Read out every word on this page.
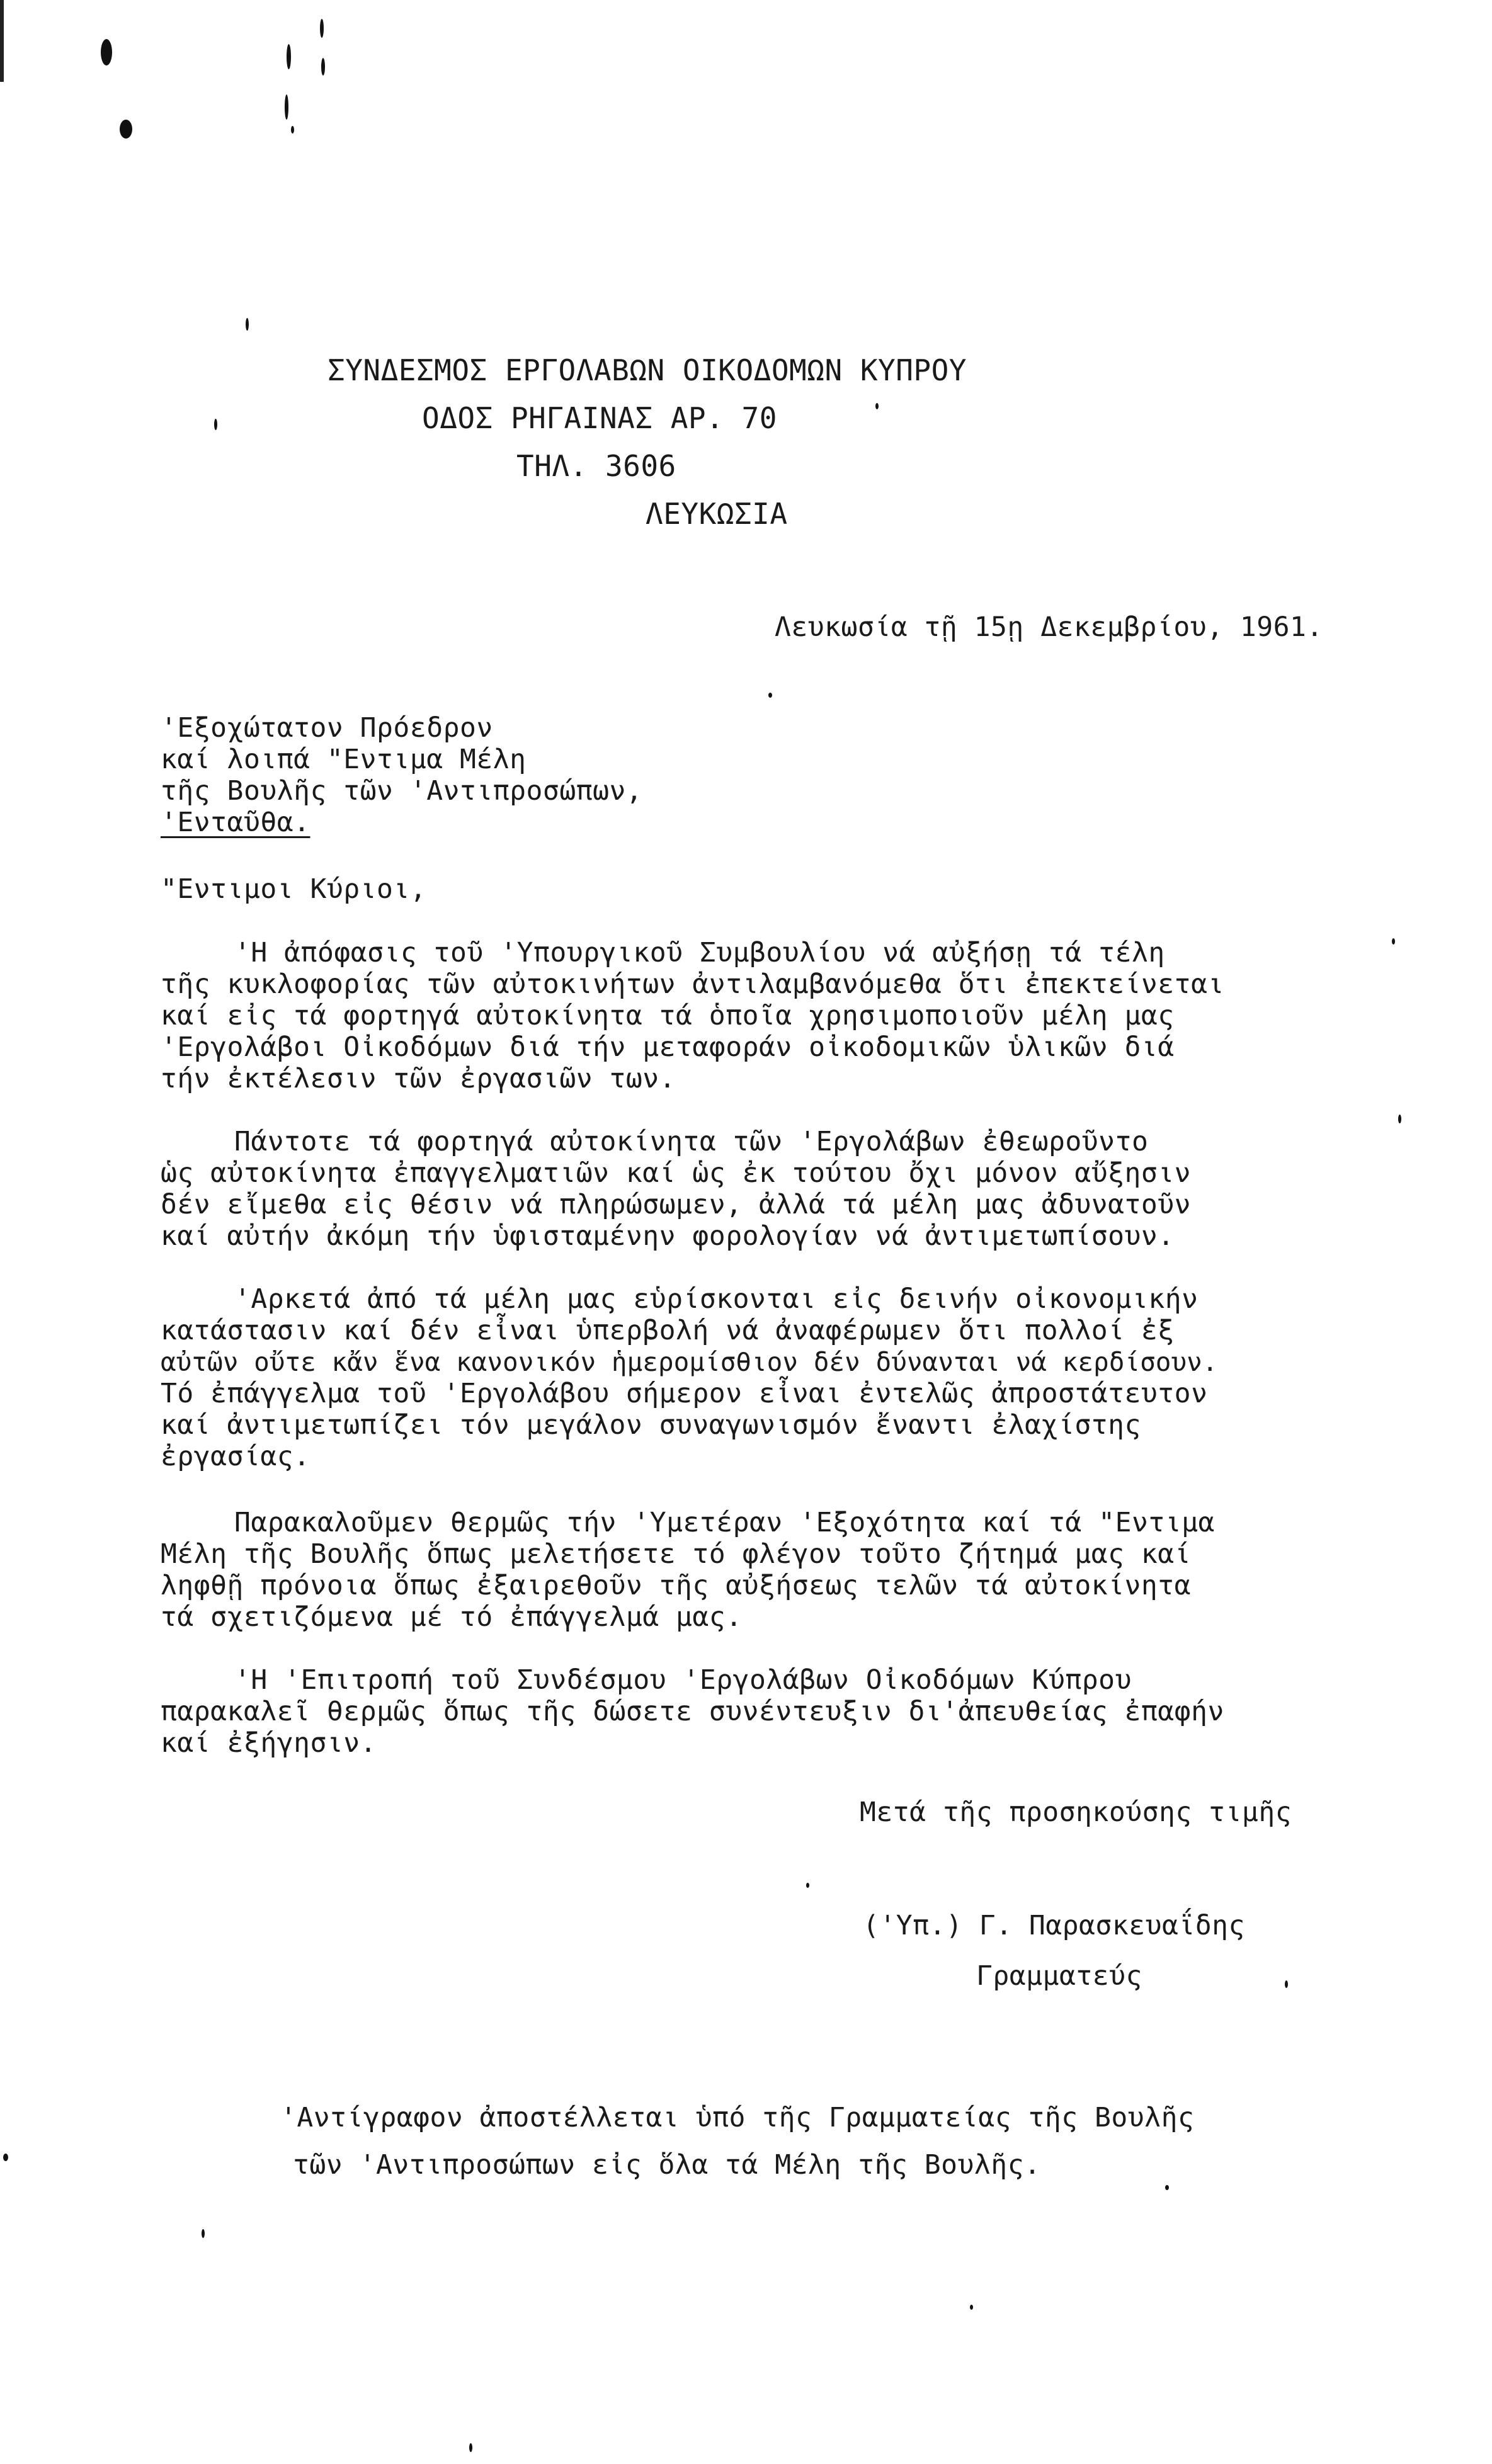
ΣΥΝΔΕΣΜΟΣ ΕΡΓΟΛΑΒΩΝ ΟΙΚΟΔΟΜΩΝ ΚΥΠΡΟΥ
ΟΔΟΣ ΡΗΓΑΙΝΑΣ ΑΡ. 70
ΤΗΛ. 3606
ΛΕΥΚΩΣΙΑ
Λευκωσία τῇ 15ῃ Δεκεμβρίου, 1961.
'Εξοχώτατον Πρόεδρον
καί λοιπά "Εντιμα Μέλη
τῆς Βουλῆς τῶν 'Αντιπροσώπων,
'Ενταῦθα.
"Εντιμοι Κύριοι,
'Η ἀπόφασις τοῦ 'Υπουργικοῦ Συμβουλίου νά αὐξήσῃ τά τέλη
τῆς κυκλοφορίας τῶν αὐτοκινήτων ἀντιλαμβανόμεθα ὅτι ἐπεκτείνεται
καί εἰς τά φορτηγά αὐτοκίνητα τά ὁποῖα χρησιμοποιοῦν μέλη μας
'Εργολάβοι Οἰκοδόμων διά τήν μεταφοράν οἰκοδομικῶν ὑλικῶν διά
τήν ἐκτέλεσιν τῶν ἐργασιῶν των.
Πάντοτε τά φορτηγά αὐτοκίνητα τῶν 'Εργολάβων ἐθεωροῦντο
ὡς αὐτοκίνητα ἐπαγγελματιῶν καί ὡς ἐκ τούτου ὄχι μόνον αὔξησιν
δέν εἴμεθα εἰς θέσιν νά πληρώσωμεν, ἀλλά τά μέλη μας ἀδυνατοῦν
καί αὐτήν ἀκόμη τήν ὑφισταμένην φορολογίαν νά ἀντιμετωπίσουν.
'Αρκετά ἀπό τά μέλη μας εὑρίσκονται εἰς δεινήν οἰκονομικήν
κατάστασιν καί δέν εἶναι ὑπερβολή νά ἀναφέρωμεν ὅτι πολλοί ἐξ
αὐτῶν οὔτε κἄν ἕνα κανονικόν ἡμερομίσθιον δέν δύνανται νά κερδίσουν.
Τό ἐπάγγελμα τοῦ 'Εργολάβου σήμερον εἶναι ἐντελῶς ἀπροστάτευτον
καί ἀντιμετωπίζει τόν μεγάλον συναγωνισμόν ἔναντι ἐλαχίστης
ἐργασίας.
Παρακαλοῦμεν θερμῶς τήν 'Υμετέραν 'Εξοχότητα καί τά "Εντιμα
Μέλη τῆς Βουλῆς ὅπως μελετήσετε τό φλέγον τοῦτο ζήτημά μας καί
ληφθῇ πρόνοια ὅπως ἐξαιρεθοῦν τῆς αὐξήσεως τελῶν τά αὐτοκίνητα
τά σχετιζόμενα μέ τό ἐπάγγελμά μας.
'Η 'Επιτροπή τοῦ Συνδέσμου 'Εργολάβων Οἰκοδόμων Κύπρου
παρακαλεῖ θερμῶς ὅπως τῆς δώσετε συνέντευξιν δι'ἀπευθείας ἐπαφήν
καί ἐξήγησιν.
Μετά τῆς προσηκούσης τιμῆς
('Υπ.) Γ. Παρασκευαΐδης
Γραμματεύς
'Αντίγραφον ἀποστέλλεται ὑπό τῆς Γραμματείας τῆς Βουλῆς
τῶν 'Αντιπροσώπων εἰς ὅλα τά Μέλη τῆς Βουλῆς.
